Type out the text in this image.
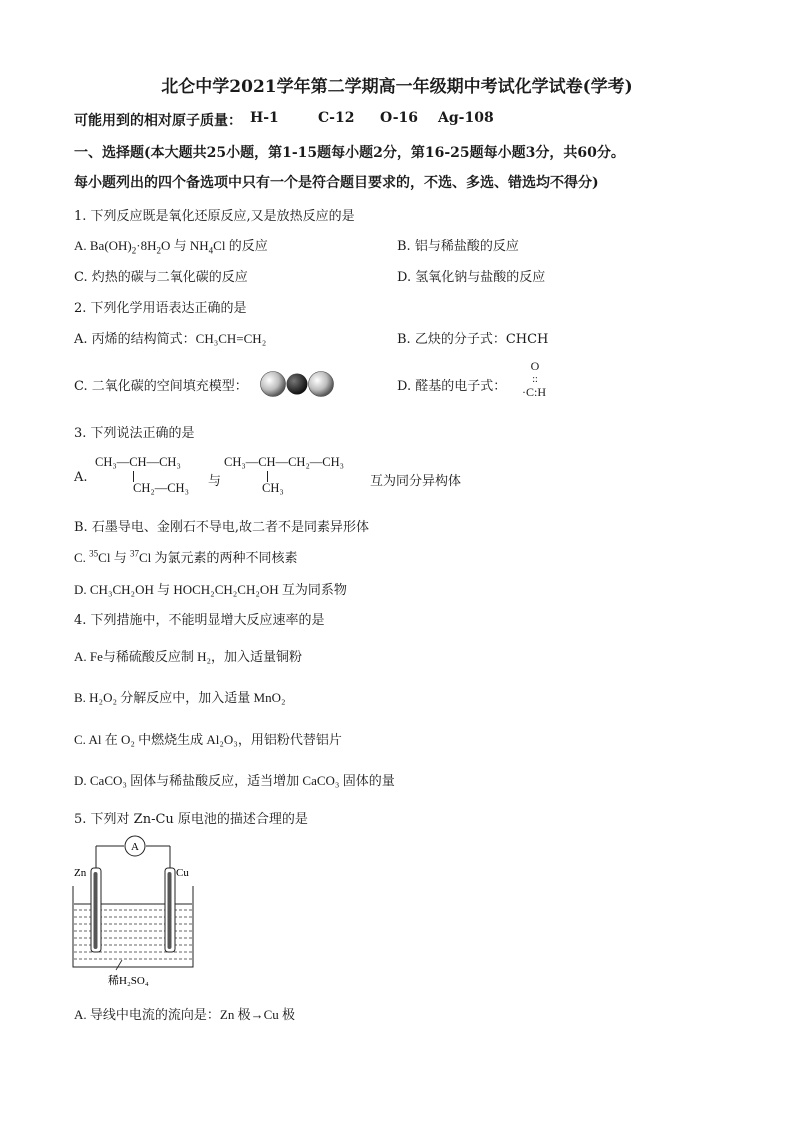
北仑中学2021学年第二学期高一年级期中考试化学试卷(学考)
可能用到的相对原子质量： H-1	C-12 O-16 Ag-108
一、选择题(本大题共25小题，第1-15题每小题2分，第16-25题每小题3分，共60分。
每小题列出的四个备选项中只有一个是符合题目要求的，不选、多选、错选均不得分)
1. 下列反应既是氧化还原反应,又是放热反应的是
A. $Ba(OH)_2\cdot 8H_2O$ 与 $NH_4Cl$ 的反应	B. 铝与稀盐酸的反应
C. 灼热的碳与二氧化碳的反应	D. 氢氧化钠与盐酸的反应
2. 下列化学用语表达正确的是
A. 丙烯的结构简式：CH₃CH=CH₂	B. 乙炔的分子式：CHCH
C. 二氧化碳的空间填充模型：	D. 醛基的电子式：
O
::
·C:H
3. 下列说法正确的是
A.
CH₃—CH—CH₃
CH₂—CH₃ 与
CH₃—CH—CH₂—CH₃
CH₃	互为同分异构体
B. 石墨导电、金刚石不导电,故二者不是同素异形体
C. $^{35}$Cl 与 $^{37}$Cl 为氯元素的两种不同核素
D. CH₃CH₂OH 与 HOCH₂CH₂CH₂OH 互为同系物
4. 下列措施中，不能明显增大反应速率的是
A. Fe与稀硫酸反应制 H₂，加入适量铜粉
B. H₂O₂ 分解反应中，加入适量 MnO₂
C. Al 在 O₂ 中燃烧生成 Al₂O₃，用铝粉代替铝片
D. CaCO₃ 固体与稀盐酸反应，适当增加 CaCO₃ 固体的量
5. 下列对 Zn-Cu 原电池的描述合理的是
A
Zn	Cu
稀H₂SO₄
A. 导线中电流的流向是：Zn 极→Cu 极
